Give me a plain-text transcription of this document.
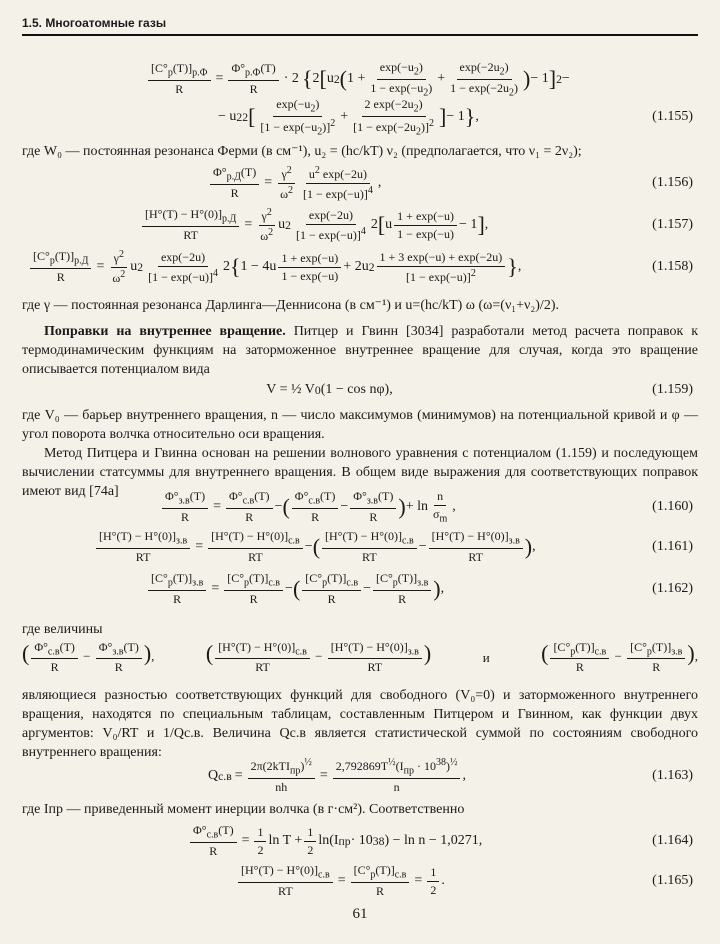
1.5. Многоатомные газы
$\frac{[C^\circ_p(T)]_{р.Ф}}{R} = \frac{\Phi^\circ_{р.Ф}(T)}{R} \cdot 2$ { 2 [ u 2 ( $1 + \frac{\exp(-u_2)}{1 - \exp(-u_2)} + \frac{\exp(-2u_2)}{1 - \exp(-2u_2)}$ ) − 1 ] 2 −
− u 2 2 [ $\frac{\exp(-u_2)}{[1 - \exp(-u_2)]^2} + \frac{2 \exp(-2u_2)}{[1 - \exp(-2u_2)]^2}$ ] − 1 } ,	(1.155)
где W₀ — постоянная резонанса Ферми (в см⁻¹), u₂ = (hc/kT) ν₂ (предполагается, что ν₁ = 2ν₂);
$\frac{\Phi^\circ_{р.Д}(T)}{R} = \frac{\gamma^2}{\omega^2} \frac{u^2 \exp(-2u)}{[1 - \exp(-u)]^4}$ ,	(1.156)
$\frac{[H^\circ(T) - H^\circ(0)]_{р.Д}}{RT} = \frac{\gamma^2}{\omega^2}$ u $2 \frac{\exp(-2u)}{[1 - \exp(-u)]^4} 2$ [ u $\frac{1 + \exp(-u)}{1 - \exp(-u)} - 1$ ] ,	(1.157)
$\frac{[C^\circ_p(T)]_{р.Д}}{R} = \frac{\gamma^2}{\omega^2}$ u $2 \frac{\exp(-2u)}{[1 - \exp(-u)]^4} 2$ { $1 - 4u \frac{1 + \exp(-u)}{1 - \exp(-u)} + 2u$ $2 \frac{1 + 3 \exp(-u) + \exp(-2u)}{[1 - \exp(-u)]^2}$ } ,	(1.158)
где γ — постоянная резонанса Дарлинга—Деннисона (в см⁻¹) и u=(hc/kT) ω (ω=(ν₁+ν₂)/2).
Поправки на внутреннее вращение. Питцер и Гвинн [3034] разработали метод расчета поправок к термодинамическим функциям на заторможенное внутреннее вращение для случая, когда это вращение описывается потенциалом вида
V = ½ V 0 (1 − cos nφ),	(1.159)
где V₀ — барьер внутреннего вращения, n — число максимумов (минимумов) на потенциальной кривой и φ — угол поворота волчка относительно оси вращения.
Метод Питцера и Гвинна основан на решении волнового уравнения с потенциалом (1.159) и последующем вычислении статсуммы для внутреннего вращения. В общем виде выражения для соответствующих поправок имеют вид [74а]	$\frac{\Phi^\circ_{з.в}(T)}{R} = \frac{\Phi^\circ_{с.в}(T)}{R}$ − ( $\frac{\Phi^\circ_{с.в}(T)}{R} - \frac{\Phi^\circ_{з.в}(T)}{R}$ ) + $\ln \frac{n}{\sigma_m}$ ,	(1.160)
$\frac{[H^\circ(T) - H^\circ(0)]_{з.в}}{RT} = \frac{[H^\circ(T) - H^\circ(0)]_{с.в}}{RT}$ − ( $\frac{[H^\circ(T) - H^\circ(0)]_{с.в}}{RT} - \frac{[H^\circ(T) - H^\circ(0)]_{з.в}}{RT}$ ) ,	(1.161)
$\frac{[C^\circ_p(T)]_{з.в}}{R} = \frac{[C^\circ_p(T)]_{с.в}}{R}$ − ( $\frac{[C^\circ_p(T)]_{с.в}}{R} - \frac{[C^\circ_p(T)]_{з.в}}{R}$ ) ,	(1.162)
где величины
( $\frac{\Phi^\circ_{с.в}(T)}{R} - \frac{\Phi^\circ_{з.в}(T)}{R}$ ), ( $\frac{[H^\circ(T) - H^\circ(0)]_{с.в}}{RT} - \frac{[H^\circ(T) - H^\circ(0)]_{з.в}}{RT}$ )	и ( $\frac{[C^\circ_p(T)]_{с.в}}{R} - \frac{[C^\circ_p(T)]_{з.в}}{R}$ ),
являющиеся разностью соответствующих функций для свободного (V₀=0) и заторможенного внутреннего вращения, находятся по специальным таблицам, составленным Питцером и Гвинном, как функции двух аргументов: V₀/RT и 1/Qс.в. Величина Qс.в является статистической суммой по состояниям свободного внутреннего вращения:
Q $с.в = \frac{2\pi(2kTI_{пр})^{\frac{1}{2}}}{nh} = \frac{2,792869T^{\frac{1}{2}}(I_{пр} \cdot 10^{38})^{\frac{1}{2}}}{n}$ ,	(1.163)
где Iпр — приведенный момент инерции волчка (в г·см²). Соответственно
$\frac{\Phi^\circ_{с.в}(T)}{R} = \frac{1}{2}$ $\ln T + \frac{1}{2} \ln(I$ пр · 10 38 ) − ln n − 1,0271,	(1.164)
$\frac{[H^\circ(T) - H^\circ(0)]_{с.в}}{RT} = \frac{[C^\circ_p(T)]_{с.в}}{R} = \frac{1}{2}$ .	(1.165)
61
